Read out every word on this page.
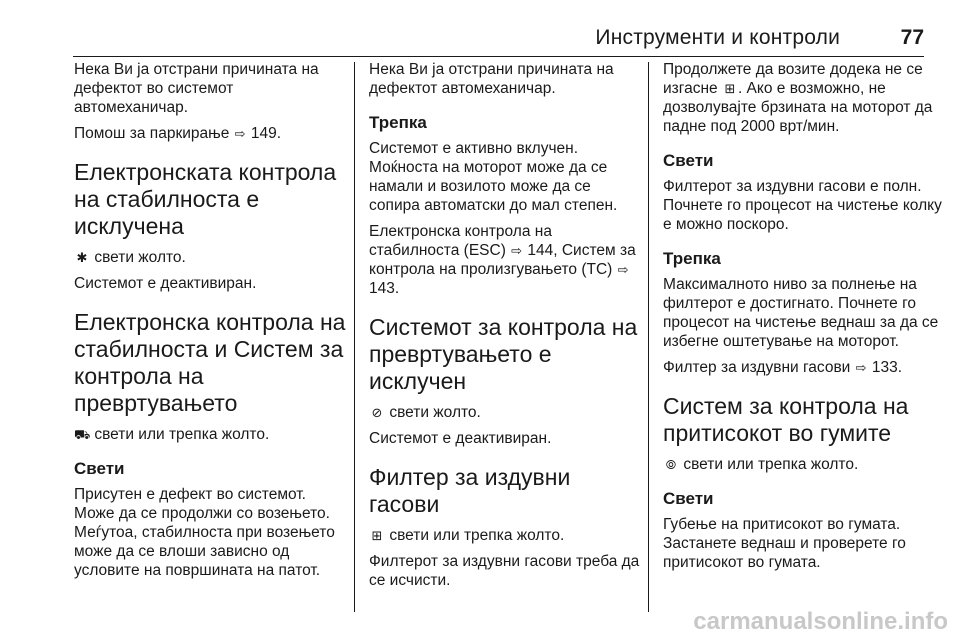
Инструменти и контроли	77

Нека Ви ја отстрани причината на дефектот во системот автомеханичар.

Помош за паркирање ⇨ 149.

Електронската контрола на стабилноста е исклучена

✱ свети жолто.

Системот е деактивиран.

Електронска контрола на стабилноста и Систем за контрола на превртувањето

⛟ свети или трепка жолто.

Свети

Присутен е дефект во системот. Може да се продолжи со возењето. Меѓутоа, стабилноста при возењето може да се влоши зависно од условите на површината на патот.

Нека Ви ја отстрани причината на дефектот автомеханичар.

Трепка

Системот е активно вклучен. Моќноста на моторот може да се намали и возилото може да се сопира автоматски до мал степен.

Електронска контрола на стабилноста (ESC) ⇨ 144, Систем за контрола на пролизгувањето (TC) ⇨ 143.

Системот за контрола на превртувањето е исклучен

⊘ свети жолто.

Системот е деактивиран.

Филтер за издувни гасови

⊞ свети или трепка жолто.

Филтерот за издувни гасови треба да се исчисти.

Продолжете да возите додека не се изгасне ⊞ . Ако е возможно, не дозволувајте брзината на моторот да падне под 2000 врт/мин.

Свети

Филтерот за издувни гасови е полн. Почнете го процесот на чистење колку е можно поскоро.

Трепка

Максималното ниво за полнење на филтерот е достигнато. Почнете го процесот на чистење веднаш за да се избегне оштетување на моторот.

Филтер за издувни гасови ⇨ 133.

Систем за контрола на притисокот во гумите

⦾ свети или трепка жолто.

Свети

Губење на притисокот во гумата. Застанете веднаш и проверете го притисокот во гумата.

carmanualsonline.info
